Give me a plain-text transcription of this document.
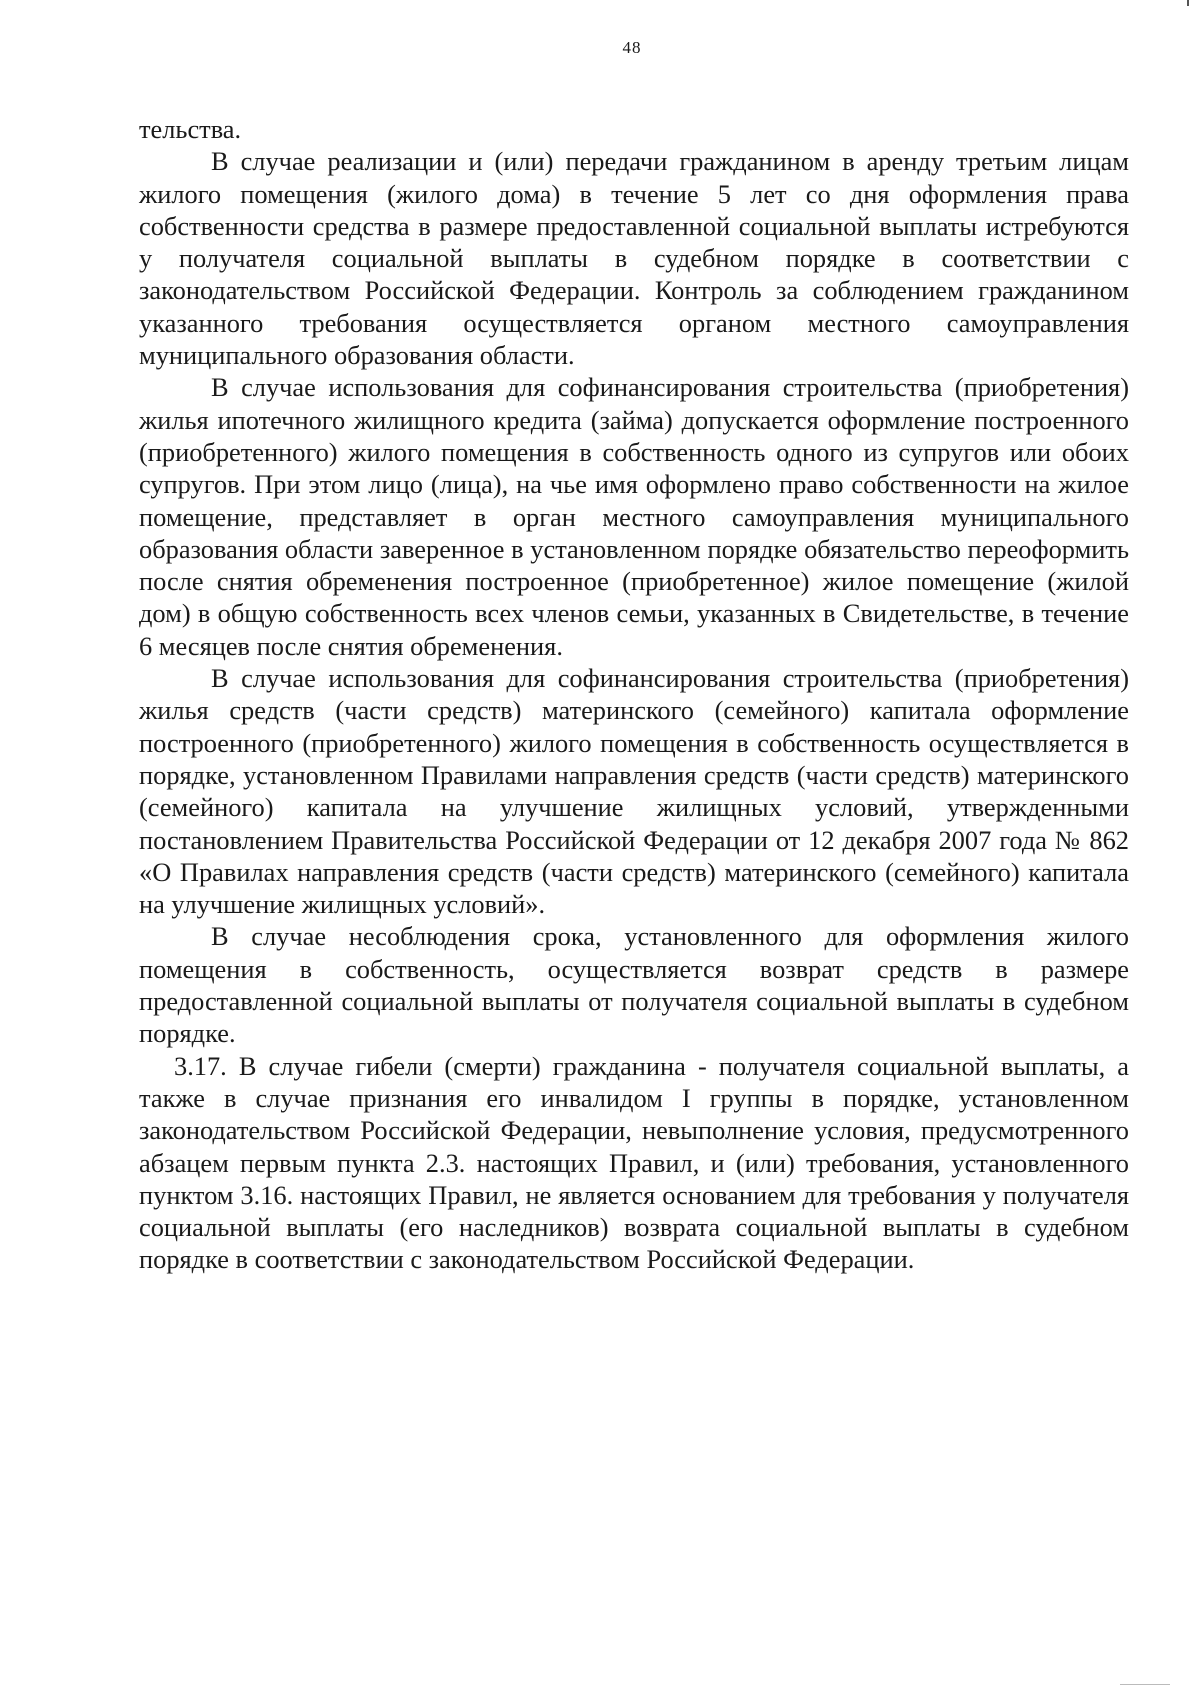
48

тельства.

В случае реализации и (или) передачи гражданином в аренду третьим лицам жилого помещения (жилого дома) в течение 5 лет со дня оформления права собственности средства в размере предоставленной социальной выплаты истребуются у получателя социальной выплаты в судебном порядке в соответствии с законодательством Российской Федерации. Контроль за соблюдением гражданином указанного требования осуществляется органом местного самоуправления муниципального образования области.

В случае использования для софинансирования строительства (приобретения) жилья ипотечного жилищного кредита (займа) допускается оформление построенного (приобретенного) жилого помещения в собственность одного из супругов или обоих супругов. При этом лицо (лица), на чье имя оформлено право собственности на жилое помещение, представляет в орган местного самоуправления муниципального образования области заверенное в установленном порядке обязательство переоформить после снятия обременения построенное (приобретенное) жилое помещение (жилой дом) в общую собственность всех членов семьи, указанных в Свидетельстве, в течение 6 месяцев после снятия обременения.

В случае использования для софинансирования строительства (приобретения) жилья средств (части средств) материнского (семейного) капитала оформление построенного (приобретенного) жилого помещения в собственность осуществляется в порядке, установленном Правилами направления средств (части средств) материнского (семейного) капитала на улучшение жилищных условий, утвержденными постановлением Правительства Российской Федерации от 12 декабря 2007 года № 862 «О Правилах направления средств (части средств) материнского (семейного) капитала на улучшение жилищных условий».

В случае несоблюдения срока, установленного для оформления жилого помещения в собственность, осуществляется возврат средств в размере предоставленной социальной выплаты от получателя социальной выплаты в судебном порядке.

3.17. В случае гибели (смерти) гражданина - получателя социальной выплаты, а также в случае признания его инвалидом I группы в порядке, установленном законодательством Российской Федерации, невыполнение условия, предусмотренного абзацем первым пункта 2.3. настоящих Правил, и (или) требования, установленного пунктом 3.16. настоящих Правил, не является основанием для требования у получателя социальной выплаты (его наследников) возврата социальной выплаты в судебном порядке в соответствии с законодательством Российской Федерации.
